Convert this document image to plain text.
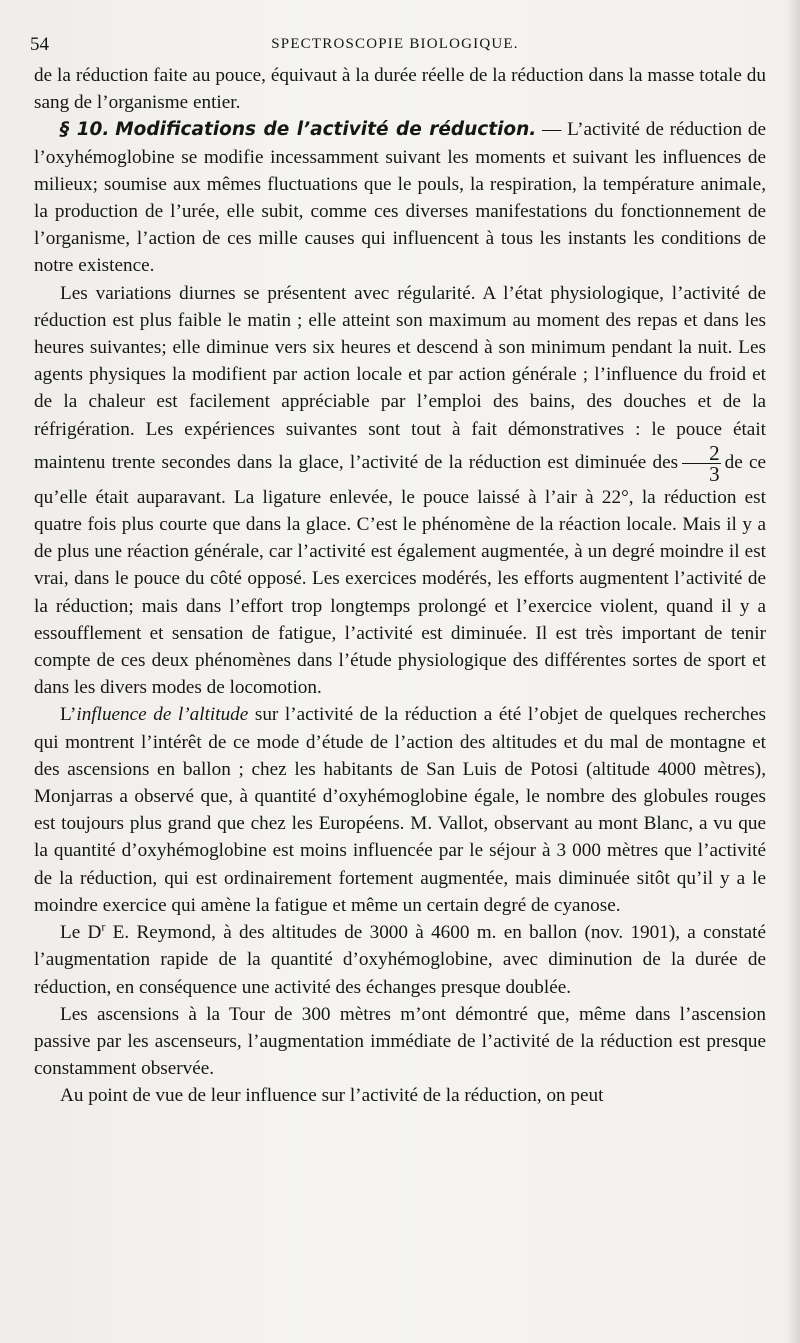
54	SPECTROSCOPIE BIOLOGIQUE.

de la réduction faite au pouce, équivaut à la durée réelle de la réduction dans la masse totale du sang de l’organisme entier.

§ 10. Modifications de l’activité de réduction. — L’activité de réduction de l’oxyhémoglobine se modifie incessamment suivant les moments et suivant les influences de milieux; soumise aux mêmes fluctuations que le pouls, la respiration, la température animale, la production de l’urée, elle subit, comme ces diverses manifestations du fonctionnement de l’organisme, l’action de ces mille causes qui influencent à tous les instants les conditions de notre existence.

Les variations diurnes se présentent avec régularité. A l’état physiologique, l’activité de réduction est plus faible le matin ; elle atteint son maximum au moment des repas et dans les heures suivantes; elle diminue vers six heures et descend à son minimum pendant la nuit. Les agents physiques la modifient par action locale et par action générale ; l’influence du froid et de la chaleur est facilement appréciable par l’emploi des bains, des douches et de la réfrigération. Les expériences suivantes sont tout à fait démonstratives : le pouce était maintenu trente secondes dans la glace, l’activité de la réduction est diminuée des $\frac{2}{3}$ de ce qu’elle était auparavant. La ligature enlevée, le pouce laissé à l’air à 22°, la réduction est quatre fois plus courte que dans la glace. C’est le phénomène de la réaction locale. Mais il y a de plus une réaction générale, car l’activité est également augmentée, à un degré moindre il est vrai, dans le pouce du côté opposé. Les exercices modérés, les efforts augmentent l’activité de la réduction; mais dans l’effort trop longtemps prolongé et l’exercice violent, quand il y a essoufflement et sensation de fatigue, l’activité est diminuée. Il est très important de tenir compte de ces deux phénomènes dans l’étude physiologique des différentes sortes de sport et dans les divers modes de locomotion.

L’influence de l’altitude sur l’activité de la réduction a été l’objet de quelques recherches qui montrent l’intérêt de ce mode d’étude de l’action des altitudes et du mal de montagne et des ascensions en ballon ; chez les habitants de San Luis de Potosi (altitude 4000 mètres), Monjarras a observé que, à quantité d’oxyhémoglobine égale, le nombre des globules rouges est toujours plus grand que chez les Européens. M. Vallot, observant au mont Blanc, a vu que la quantité d’oxyhémoglobine est moins influencée par le séjour à 3 000 mètres que l’activité de la réduction, qui est ordinairement fortement augmentée, mais diminuée sitôt qu’il y a le moindre exercice qui amène la fatigue et même un certain degré de cyanose.

Le $D^r$ E. Reymond, à des altitudes de 3000 à 4600 m. en ballon (nov. 1901), a constaté l’augmentation rapide de la quantité d’oxyhémoglobine, avec diminution de la durée de réduction, en conséquence une activité des échanges presque doublée.

Les ascensions à la Tour de 300 mètres m’ont démontré que, même dans l’ascension passive par les ascenseurs, l’augmentation immédiate de l’activité de la réduction est presque constamment observée.

Au point de vue de leur influence sur l’activité de la réduction, on peut
